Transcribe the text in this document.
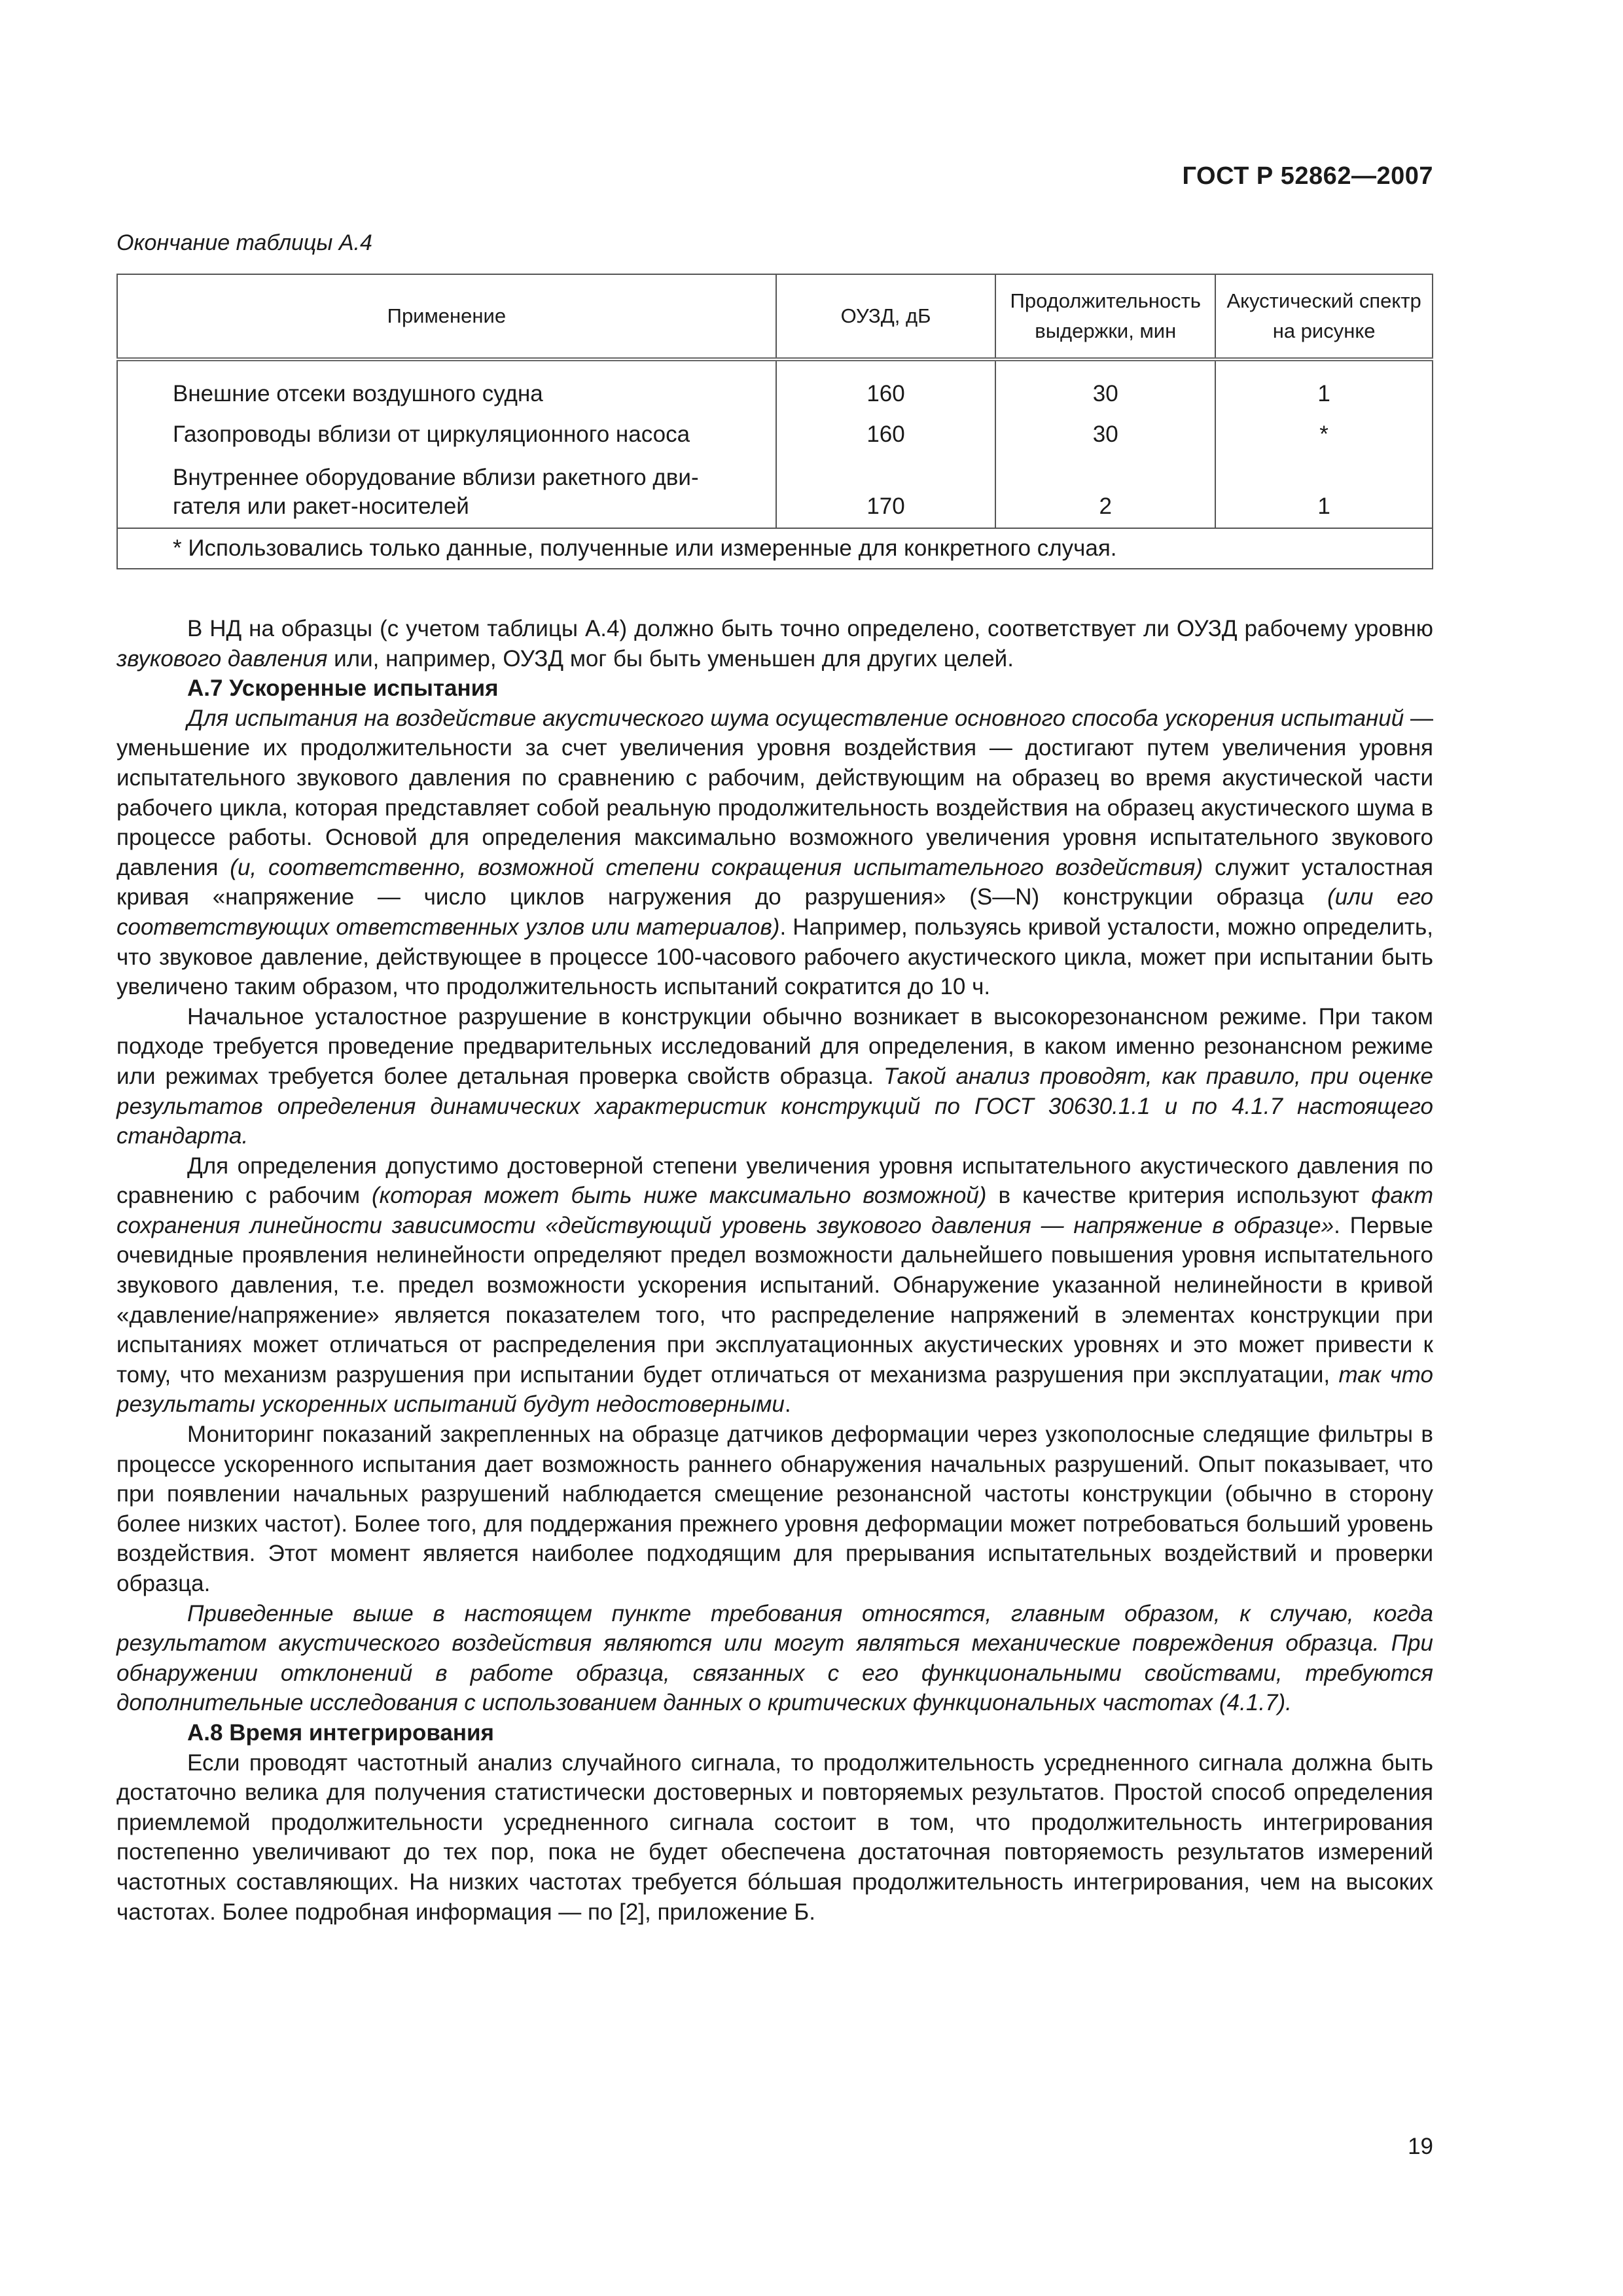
ГОСТ Р 52862—2007
Окончание таблицы А.4
Применение	ОУЗД, дБ	Продолжительность выдержки, мин	Акустический спектр на рисунке
Внешние отсеки воздушного судна	160	30	1
Газопроводы вблизи от циркуляционного насоса	160	30	*
Внутреннее оборудование вблизи ракетного дви-гателя или ракет-носителей	170	2	1
* Использовались только данные, полученные или измеренные для конкретного случая.			

В НД на образцы (с учетом таблицы А.4) должно быть точно определено, соответствует ли ОУЗД рабочему уровню звукового давления или, например, ОУЗД мог бы быть уменьшен для других целей.

А.7 Ускоренные испытания

Для испытания на воздействие акустического шума осуществление основного способа ускорения испытаний — уменьшение их продолжительности за счет увеличения уровня воздействия — достигают путем увеличения уровня испытательного звукового давления по сравнению с рабочим, действующим на образец во время акустической части рабочего цикла, которая представляет собой реальную продолжительность воздействия на образец акустического шума в процессе работы. Основой для определения максимально возможного увеличения уровня испытательного звукового давления (и, соответственно, возможной степени сокращения испытательного воздействия) служит усталостная кривая «напряжение — число циклов нагружения до разрушения» (S—N) конструкции образца (или его соответствующих ответственных узлов или материалов). Например, пользуясь кривой усталости, можно определить, что звуковое давление, действующее в процессе 100-часового рабочего акустического цикла, может при испытании быть увеличено таким образом, что продолжительность испытаний сократится до 10 ч.

Начальное усталостное разрушение в конструкции обычно возникает в высокорезонансном режиме. При таком подходе требуется проведение предварительных исследований для определения, в каком именно резонансном режиме или режимах требуется более детальная проверка свойств образца. Такой анализ проводят, как правило, при оценке результатов определения динамических характеристик конструкций по ГОСТ 30630.1.1 и по 4.1.7 настоящего стандарта.

Для определения допустимо достоверной степени увеличения уровня испытательного акустического давления по сравнению с рабочим (которая может быть ниже максимально возможной) в качестве критерия используют факт сохранения линейности зависимости «действующий уровень звукового давления — напряжение в образце». Первые очевидные проявления нелинейности определяют предел возможности дальнейшего повышения уровня испытательного звукового давления, т.е. предел возможности ускорения испытаний. Обнаружение указанной нелинейности в кривой «давление/напряжение» является показателем того, что распределение напряжений в элементах конструкции при испытаниях может отличаться от распределения при эксплуатационных акустических уровнях и это может привести к тому, что механизм разрушения при испытании будет отличаться от механизма разрушения при эксплуатации, так что результаты ускоренных испытаний будут недостоверными.

Мониторинг показаний закрепленных на образце датчиков деформации через узкополосные следящие фильтры в процессе ускоренного испытания дает возможность раннего обнаружения начальных разрушений. Опыт показывает, что при появлении начальных разрушений наблюдается смещение резонансной частоты конструкции (обычно в сторону более низких частот). Более того, для поддержания прежнего уровня деформации может потребоваться больший уровень воздействия. Этот момент является наиболее подходящим для прерывания испытательных воздействий и проверки образца.

Приведенные выше в настоящем пункте требования относятся, главным образом, к случаю, когда результатом акустического воздействия являются или могут являться механические повреждения образца. При обнаружении отклонений в работе образца, связанных с его функциональными свойствами, требуются дополнительные исследования с использованием данных о критических функциональных частотах (4.1.7).

А.8 Время интегрирования

Если проводят частотный анализ случайного сигнала, то продолжительность усредненного сигнала должна быть достаточно велика для получения статистически достоверных и повторяемых результатов. Простой способ определения приемлемой продолжительности усредненного сигнала состоит в том, что продолжительность интегрирования постепенно увеличивают до тех пор, пока не будет обеспечена достаточная повторяемость результатов измерений частотных составляющих. На низких частотах требуется бóльшая продолжительность интегрирования, чем на высоких частотах. Более подробная информация — по [2], приложение Б.

19
